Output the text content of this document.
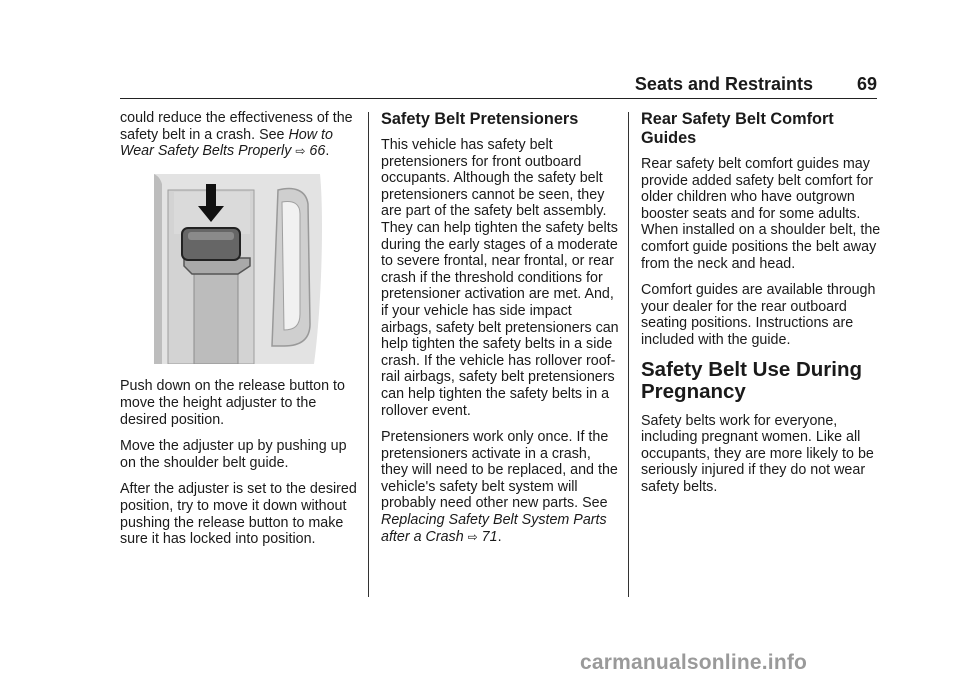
Seats and Restraints 69

could reduce the effectiveness of the safety belt in a crash. See How to Wear Safety Belts Properly ⇨ 66.

Push down on the release button to move the height adjuster to the desired position.

Move the adjuster up by pushing up on the shoulder belt guide.

After the adjuster is set to the desired position, try to move it down without pushing the release button to make sure it has locked into position.

Safety Belt Pretensioners

This vehicle has safety belt pretensioners for front outboard occupants. Although the safety belt pretensioners cannot be seen, they are part of the safety belt assembly. They can help tighten the safety belts during the early stages of a moderate to severe frontal, near frontal, or rear crash if the threshold conditions for pretensioner activation are met. And, if your vehicle has side impact airbags, safety belt pretensioners can help tighten the safety belts in a side crash. If the vehicle has rollover roof-rail airbags, safety belt pretensioners can help tighten the safety belts in a rollover event.

Pretensioners work only once. If the pretensioners activate in a crash, they will need to be replaced, and the vehicle's safety belt system will probably need other new parts. See Replacing Safety Belt System Parts after a Crash ⇨ 71.

Rear Safety Belt Comfort Guides

Rear safety belt comfort guides may provide added safety belt comfort for older children who have outgrown booster seats and for some adults. When installed on a shoulder belt, the comfort guide positions the belt away from the neck and head.

Comfort guides are available through your dealer for the rear outboard seating positions. Instructions are included with the guide.

Safety Belt Use During Pregnancy

Safety belts work for everyone, including pregnant women. Like all occupants, they are more likely to be seriously injured if they do not wear safety belts.

carmanualsonline.info
